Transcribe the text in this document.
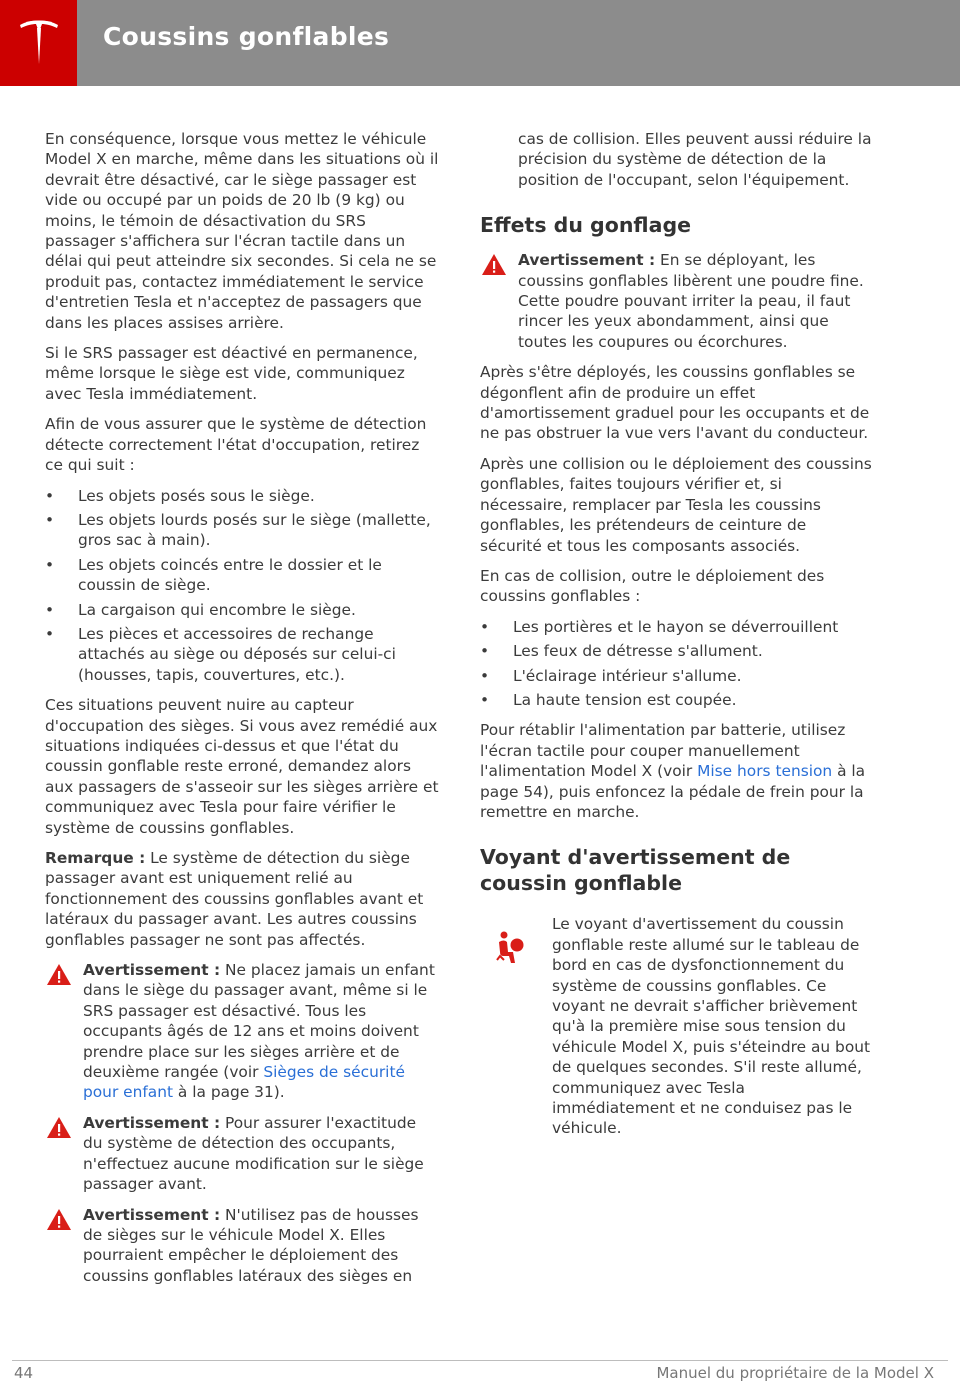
Coussins gonflables

En conséquence, lorsque vous mettez le véhicule Model X en marche, même dans les situations où il devrait être désactivé, car le siège passager est vide ou occupé par un poids de 20 lb (9 kg) ou moins, le témoin de désactivation du SRS passager s'affichera sur l'écran tactile dans un délai qui peut atteindre six secondes. Si cela ne se produit pas, contactez immédiatement le service d'entretien Tesla et n'acceptez de passagers que dans les places assises arrière.

Si le SRS passager est déactivé en permanence, même lorsque le siège est vide, communiquez avec Tesla immédiatement.

Afin de vous assurer que le système de détection détecte correctement l'état d'occupation, retirez ce qui suit :

• Les objets posés sous le siège.
• Les objets lourds posés sur le siège (mallette, gros sac à main).
• Les objets coincés entre le dossier et le coussin de siège.
• La cargaison qui encombre le siège.
• Les pièces et accessoires de rechange attachés au siège ou déposés sur celui-ci (housses, tapis, couvertures, etc.).

Ces situations peuvent nuire au capteur d'occupation des sièges. Si vous avez remédié aux situations indiquées ci-dessus et que l'état du coussin gonflable reste erroné, demandez alors aux passagers de s'asseoir sur les sièges arrière et communiquez avec Tesla pour faire vérifier le système de coussins gonflables.

Remarque : Le système de détection du siège passager avant est uniquement relié au fonctionnement des coussins gonflables avant et latéraux du passager avant. Les autres coussins gonflables passager ne sont pas affectés.

Avertissement : Ne placez jamais un enfant dans le siège du passager avant, même si le SRS passager est désactivé. Tous les occupants âgés de 12 ans et moins doivent prendre place sur les sièges arrière et de deuxième rangée (voir Sièges de sécurité pour enfant à la page 31).
Avertissement : Pour assurer l'exactitude du système de détection des occupants, n'effectuez aucune modification sur le siège passager avant.
Avertissement : N'utilisez pas de housses de sièges sur le véhicule Model X. Elles pourraient empêcher le déploiement des coussins gonflables latéraux des sièges en

cas de collision. Elles peuvent aussi réduire la précision du système de détection de la position de l'occupant, selon l'équipement.

Effets du gonflage
Avertissement : En se déployant, les coussins gonflables libèrent une poudre fine. Cette poudre pouvant irriter la peau, il faut rincer les yeux abondamment, ainsi que toutes les coupures ou écorchures.

Après s'être déployés, les coussins gonflables se dégonflent afin de produire un effet d'amortissement graduel pour les occupants et de ne pas obstruer la vue vers l'avant du conducteur.

Après une collision ou le déploiement des coussins gonflables, faites toujours vérifier et, si nécessaire, remplacer par Tesla les coussins gonflables, les prétendeurs de ceinture de sécurité et tous les composants associés.

En cas de collision, outre le déploiement des coussins gonflables :

• Les portières et le hayon se déverrouillent
• Les feux de détresse s'allument.
• L'éclairage intérieur s'allume.
• La haute tension est coupée.

Pour rétablir l'alimentation par batterie, utilisez l'écran tactile pour couper manuellement l'alimentation Model X (voir Mise hors tension à la page 54), puis enfoncez la pédale de frein pour la remettre en marche.

Voyant d'avertissement de coussin gonflable

Le voyant d'avertissement du coussin gonflable reste allumé sur le tableau de bord en cas de dysfonctionnement du système de coussins gonflables. Ce voyant ne devrait s'afficher brièvement qu'à la première mise sous tension du véhicule Model X, puis s'éteindre au bout de quelques secondes. S'il reste allumé, communiquez avec Tesla immédiatement et ne conduisez pas le véhicule.

44	Manuel du propriétaire de la Model X
